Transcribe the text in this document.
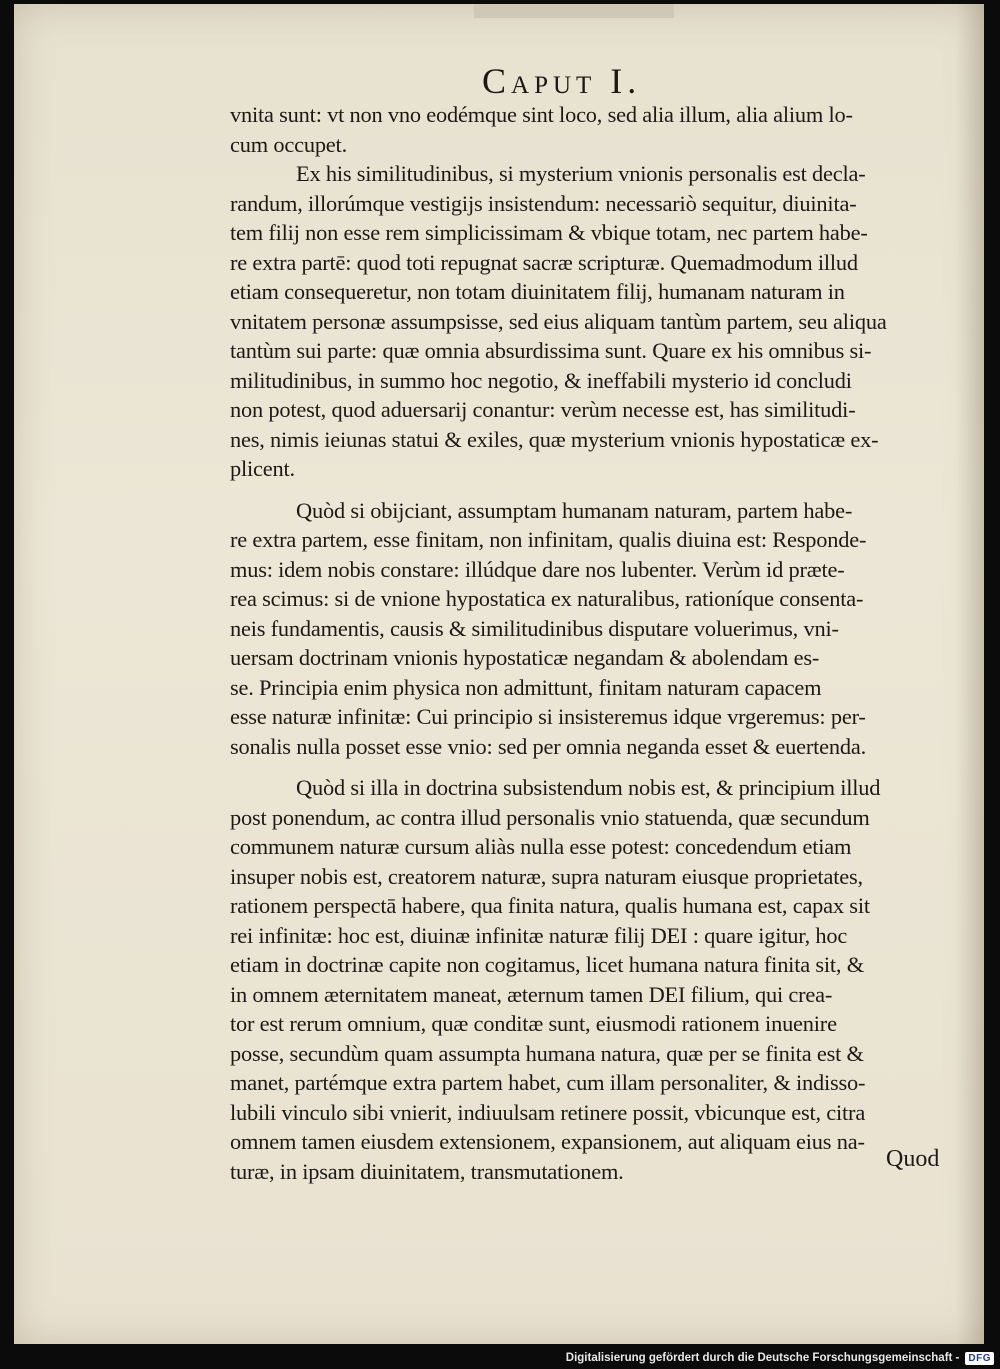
Caput I.
vnita sunt: vt non vno eodémque sint loco, sed alia illum, alia alium lo-
cum occupet.
Ex his similitudinibus, si mysterium vnionis personalis est decla-
randum, illorúmque vestigijs insistendum: necessariò sequitur, diuinita-
tem filij non esse rem simplicissimam & vbique totam, nec partem habe-
re extra partē: quod toti repugnat sacræ scripturæ. Quemadmodum illud
etiam consequeretur, non totam diuinitatem filij, humanam naturam in
vnitatem personæ assumpsisse, sed eius aliquam tantùm partem, seu aliqua
tantùm sui parte: quæ omnia absurdissima sunt. Quare ex his omnibus si-
militudinibus, in summo hoc negotio, & ineffabili mysterio id concludi
non potest, quod aduersarij conantur: verùm necesse est, has similitudi-
nes, nimis ieiunas statui & exiles, quæ mysterium vnionis hypostaticæ ex-
plicent.
Quòd si obijciant, assumptam humanam naturam, partem habe-
re extra partem, esse finitam, non infinitam, qualis diuina est: Responde-
mus: idem nobis constare: illúdque dare nos lubenter. Verùm id præte-
rea scimus: si de vnione hypostatica ex naturalibus, rationíque consenta-
neis fundamentis, causis & similitudinibus disputare voluerimus, vni-
uersam doctrinam vnionis hypostaticæ negandam & abolendam es-
se. Principia enim physica non admittunt, finitam naturam capacem
esse naturæ infinitæ: Cui principio si insisteremus idque vrgeremus: per-
sonalis nulla posset esse vnio: sed per omnia neganda esset & euertenda.
Quòd si illa in doctrina subsistendum nobis est, & principium illud
post ponendum, ac contra illud personalis vnio statuenda, quæ secundum
communem naturæ cursum aliàs nulla esse potest: concedendum etiam
insuper nobis est, creatorem naturæ, supra naturam eiusque proprietates,
rationem perspectā habere, qua finita natura, qualis humana est, capax sit
rei infinitæ: hoc est, diuinæ infinitæ naturæ filij DEI : quare igitur, hoc
etiam in doctrinæ capite non cogitamus, licet humana natura finita sit, &
in omnem æternitatem maneat, æternum tamen DEI filium, qui crea-
tor est rerum omnium, quæ conditæ sunt, eiusmodi rationem inuenire
posse, secundùm quam assumpta humana natura, quæ per se finita est &
manet, partémque extra partem habet, cum illam personaliter, & indisso-
lubili vinculo sibi vnierit, indiuulsam retinere possit, vbicunque est, citra
omnem tamen eiusdem extensionem, expansionem, aut aliquam eius na-
turæ, in ipsam diuinitatem, transmutationem.	Quod
Digitalisierung gefördert durch die Deutsche Forschungsgemeinschaft - DFG
